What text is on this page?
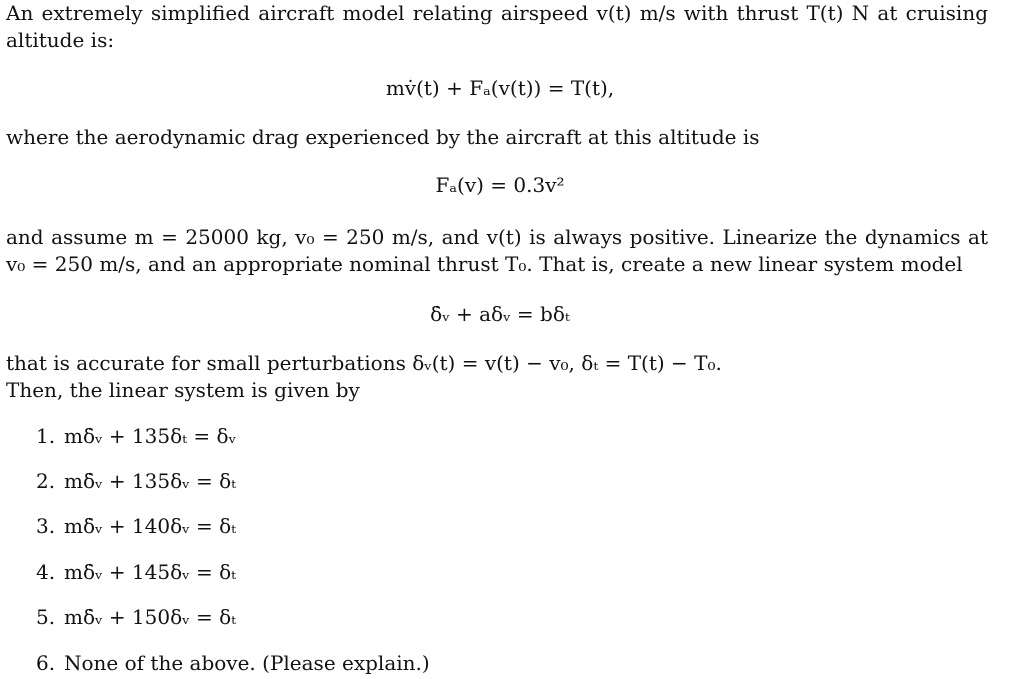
An extremely simplified aircraft model relating airspeed v(t) m/s with thrust T(t) N at cruising
altitude is:
mv̇(t) + Fₐ(v(t)) = T(t),
where the aerodynamic drag experienced by the aircraft at this altitude is
Fₐ(v) = 0.3v²
and assume m = 25000 kg, v₀ = 250 m/s, and v(t) is always positive. Linearize the dynamics at
v₀ = 250 m/s, and an appropriate nominal thrust T₀. That is, create a new linear system model
δ̇ᵥ + aδᵥ = bδₜ
that is accurate for small perturbations δᵥ(t) = v(t) − v₀, δₜ = T(t) − T₀.
Then, the linear system is given by
1. mδ̇ᵥ + 135δₜ = δᵥ
2. mδ̇ᵥ + 135δᵥ = δₜ
3. mδ̇ᵥ + 140δᵥ = δₜ
4. mδ̇ᵥ + 145δᵥ = δₜ
5. mδ̇ᵥ + 150δᵥ = δₜ
6. None of the above. (Please explain.)
